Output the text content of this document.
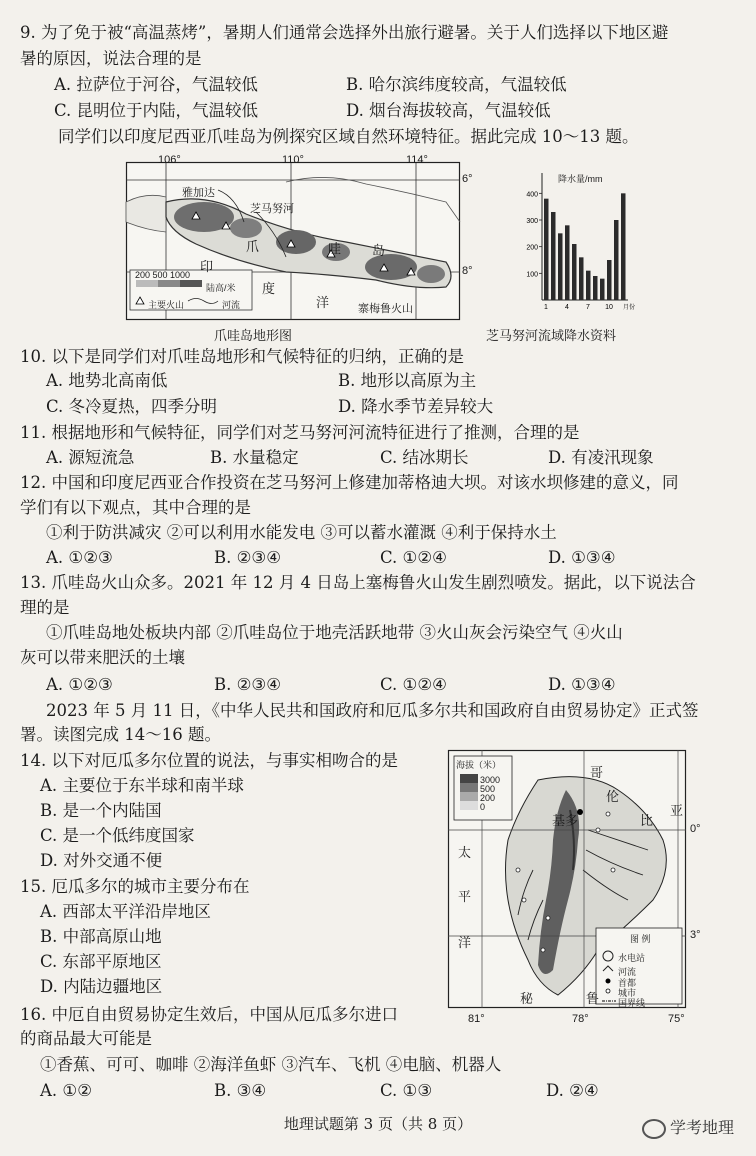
9. 为了免于被“高温蒸烤”，暑期人们通常会选择外出旅行避暑。关于人们选择以下地区避
暑的原因，说法合理的是
A. 拉萨位于河谷，气温较低	B. 哈尔滨纬度较高，气温较低
C. 昆明位于内陆，气温较低	D. 烟台海拔较高，气温较低
同学们以印度尼西亚爪哇岛为例探究区域自然环境特征。据此完成 10～13 题。
106°	110°	114°
6°
8°
雅加达
芝马努河
爪	哇 岛
印
度
洋	寨梅鲁火山
200 500 1000
陆高/米
主要火山	河流
爪哇岛地形图
100
200
300
400
1 4 7 10 月份
降水量/mm
芝马努河流域降水资料
10. 以下是同学们对爪哇岛地形和气候特征的归纳，正确的是
A. 地势北高南低	B. 地形以高原为主
C. 冬冷夏热，四季分明	D. 降水季节差异较大
11. 根据地形和气候特征，同学们对芝马努河河流特征进行了推测，合理的是
A. 源短流急	B. 水量稳定	C. 结冰期长	D. 有凌汛现象
12. 中国和印度尼西亚合作投资在芝马努河上修建加蒂格迪大坝。对该水坝修建的意义，同
学们有以下观点，其中合理的是
①利于防洪减灾 ②可以利用水能发电 ③可以蓄水灌溉 ④利于保持水土
A. ①②③	B. ②③④	C. ①②④	D. ①③④
13. 爪哇岛火山众多。2021 年 12 月 4 日岛上塞梅鲁火山发生剧烈喷发。据此，以下说法合
理的是
①爪哇岛地处板块内部 ②爪哇岛位于地壳活跃地带 ③火山灰会污染空气 ④火山
灰可以带来肥沃的土壤
A. ①②③	B. ②③④	C. ①②④	D. ①③④
2023 年 5 月 11 日，《中华人民共和国政府和厄瓜多尔共和国政府自由贸易协定》正式签
署。读图完成 14～16 题。
14. 以下对厄瓜多尔位置的说法，与事实相吻合的是
A. 主要位于东半球和南半球
B. 是一个内陆国
C. 是一个低纬度国家
D. 对外交通不便
15. 厄瓜多尔的城市主要分布在
A. 西部太平洋沿岸地区
B. 中部高原山地
C. 东部平原地区
D. 内陆边疆地区
海拔（米）
3000
500
200
0
哥
伦
比
亚
基多
太
平
洋
秘	鲁
0°
3°
81°	78°	75°
图 例
水电站
河流
首都
城市
国界线
16. 中厄自由贸易协定生效后，中国从厄瓜多尔进口
的商品最大可能是
①香蕉、可可、咖啡 ②海洋鱼虾 ③汽车、飞机 ④电脑、机器人
A. ①②	B. ③④	C. ①③	D. ②④
地理试题第 3 页（共 8 页）	学考地理
